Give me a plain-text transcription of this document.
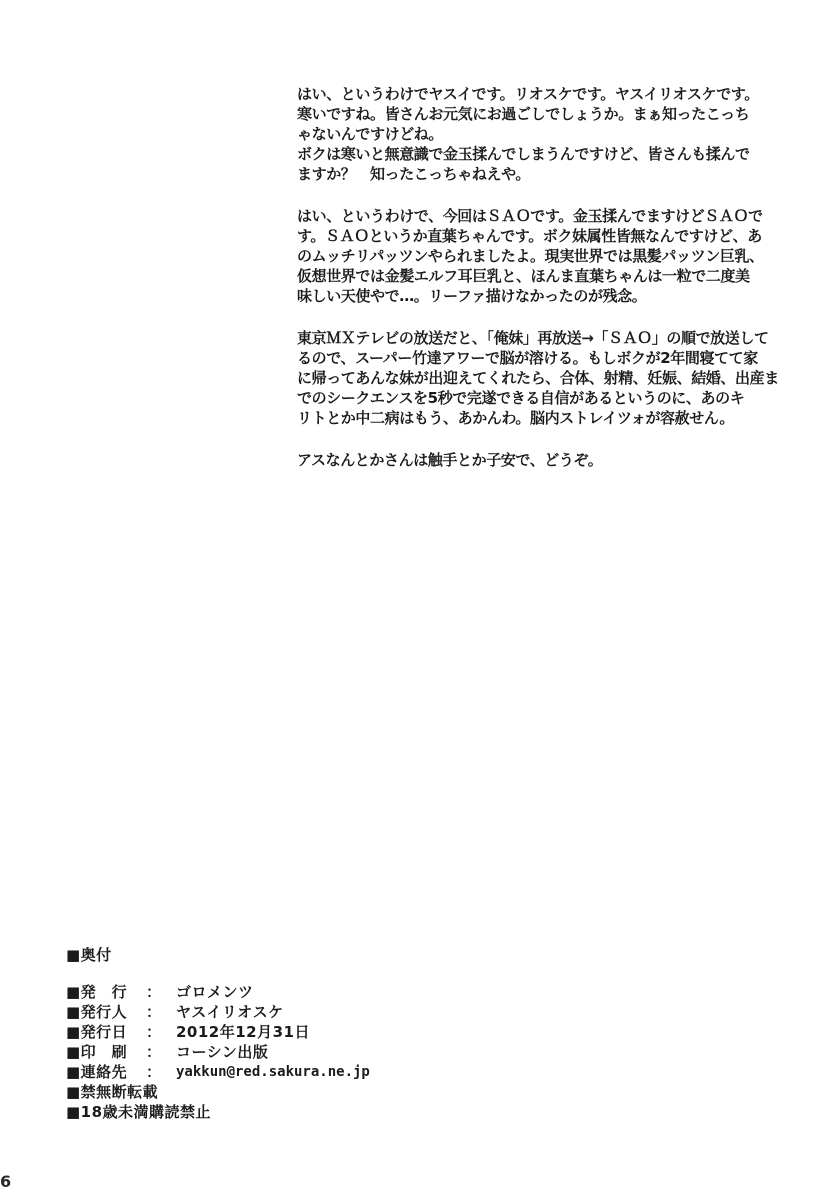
はい、というわけでヤスイです。リオスケです。ヤスイリオスケです。
寒いですね。皆さんお元気にお過ごしでしょうか。まぁ知ったこっち
ゃないんですけどね。
ボクは寒いと無意識で金玉揉んでしまうんですけど、皆さんも揉んで
ますか？　知ったこっちゃねえや。
はい、というわけで、今回はＳＡＯです。金玉揉んでますけどＳＡＯで
す。ＳＡＯというか直葉ちゃんです。ボク妹属性皆無なんですけど、あ
のムッチリパッツンやられましたよ。現実世界では黒髪パッツン巨乳、
仮想世界では金髪エルフ耳巨乳と、ほんま直葉ちゃんは一粒で二度美
味しい天使やで…。リーファ描けなかったのが残念。
東京ＭＸテレビの放送だと、「俺妹」再放送→「ＳＡＯ」の順で放送して
るので、スーパー竹達アワーで脳が溶ける。もしボクが2年間寝てて家
に帰ってあんな妹が出迎えてくれたら、合体、射精、妊娠、結婚、出産ま
でのシークエンスを5秒で完遂できる自信があるというのに、あのキ
リトとか中二病はもう、あかんわ。脳内ストレイツォが容赦せん。
アスなんとかさんは触手とか子安で、どうぞ。
■奥付
■発　行	： ゴロメンツ
■発行人	： ヤスイリオスケ
■発行日	： 2012年12月31日
■印　刷	： コーシン出版
■連絡先	： yakkun@red.sakura.ne.jp
■禁無断転載
■18歳未満購読禁止
6
